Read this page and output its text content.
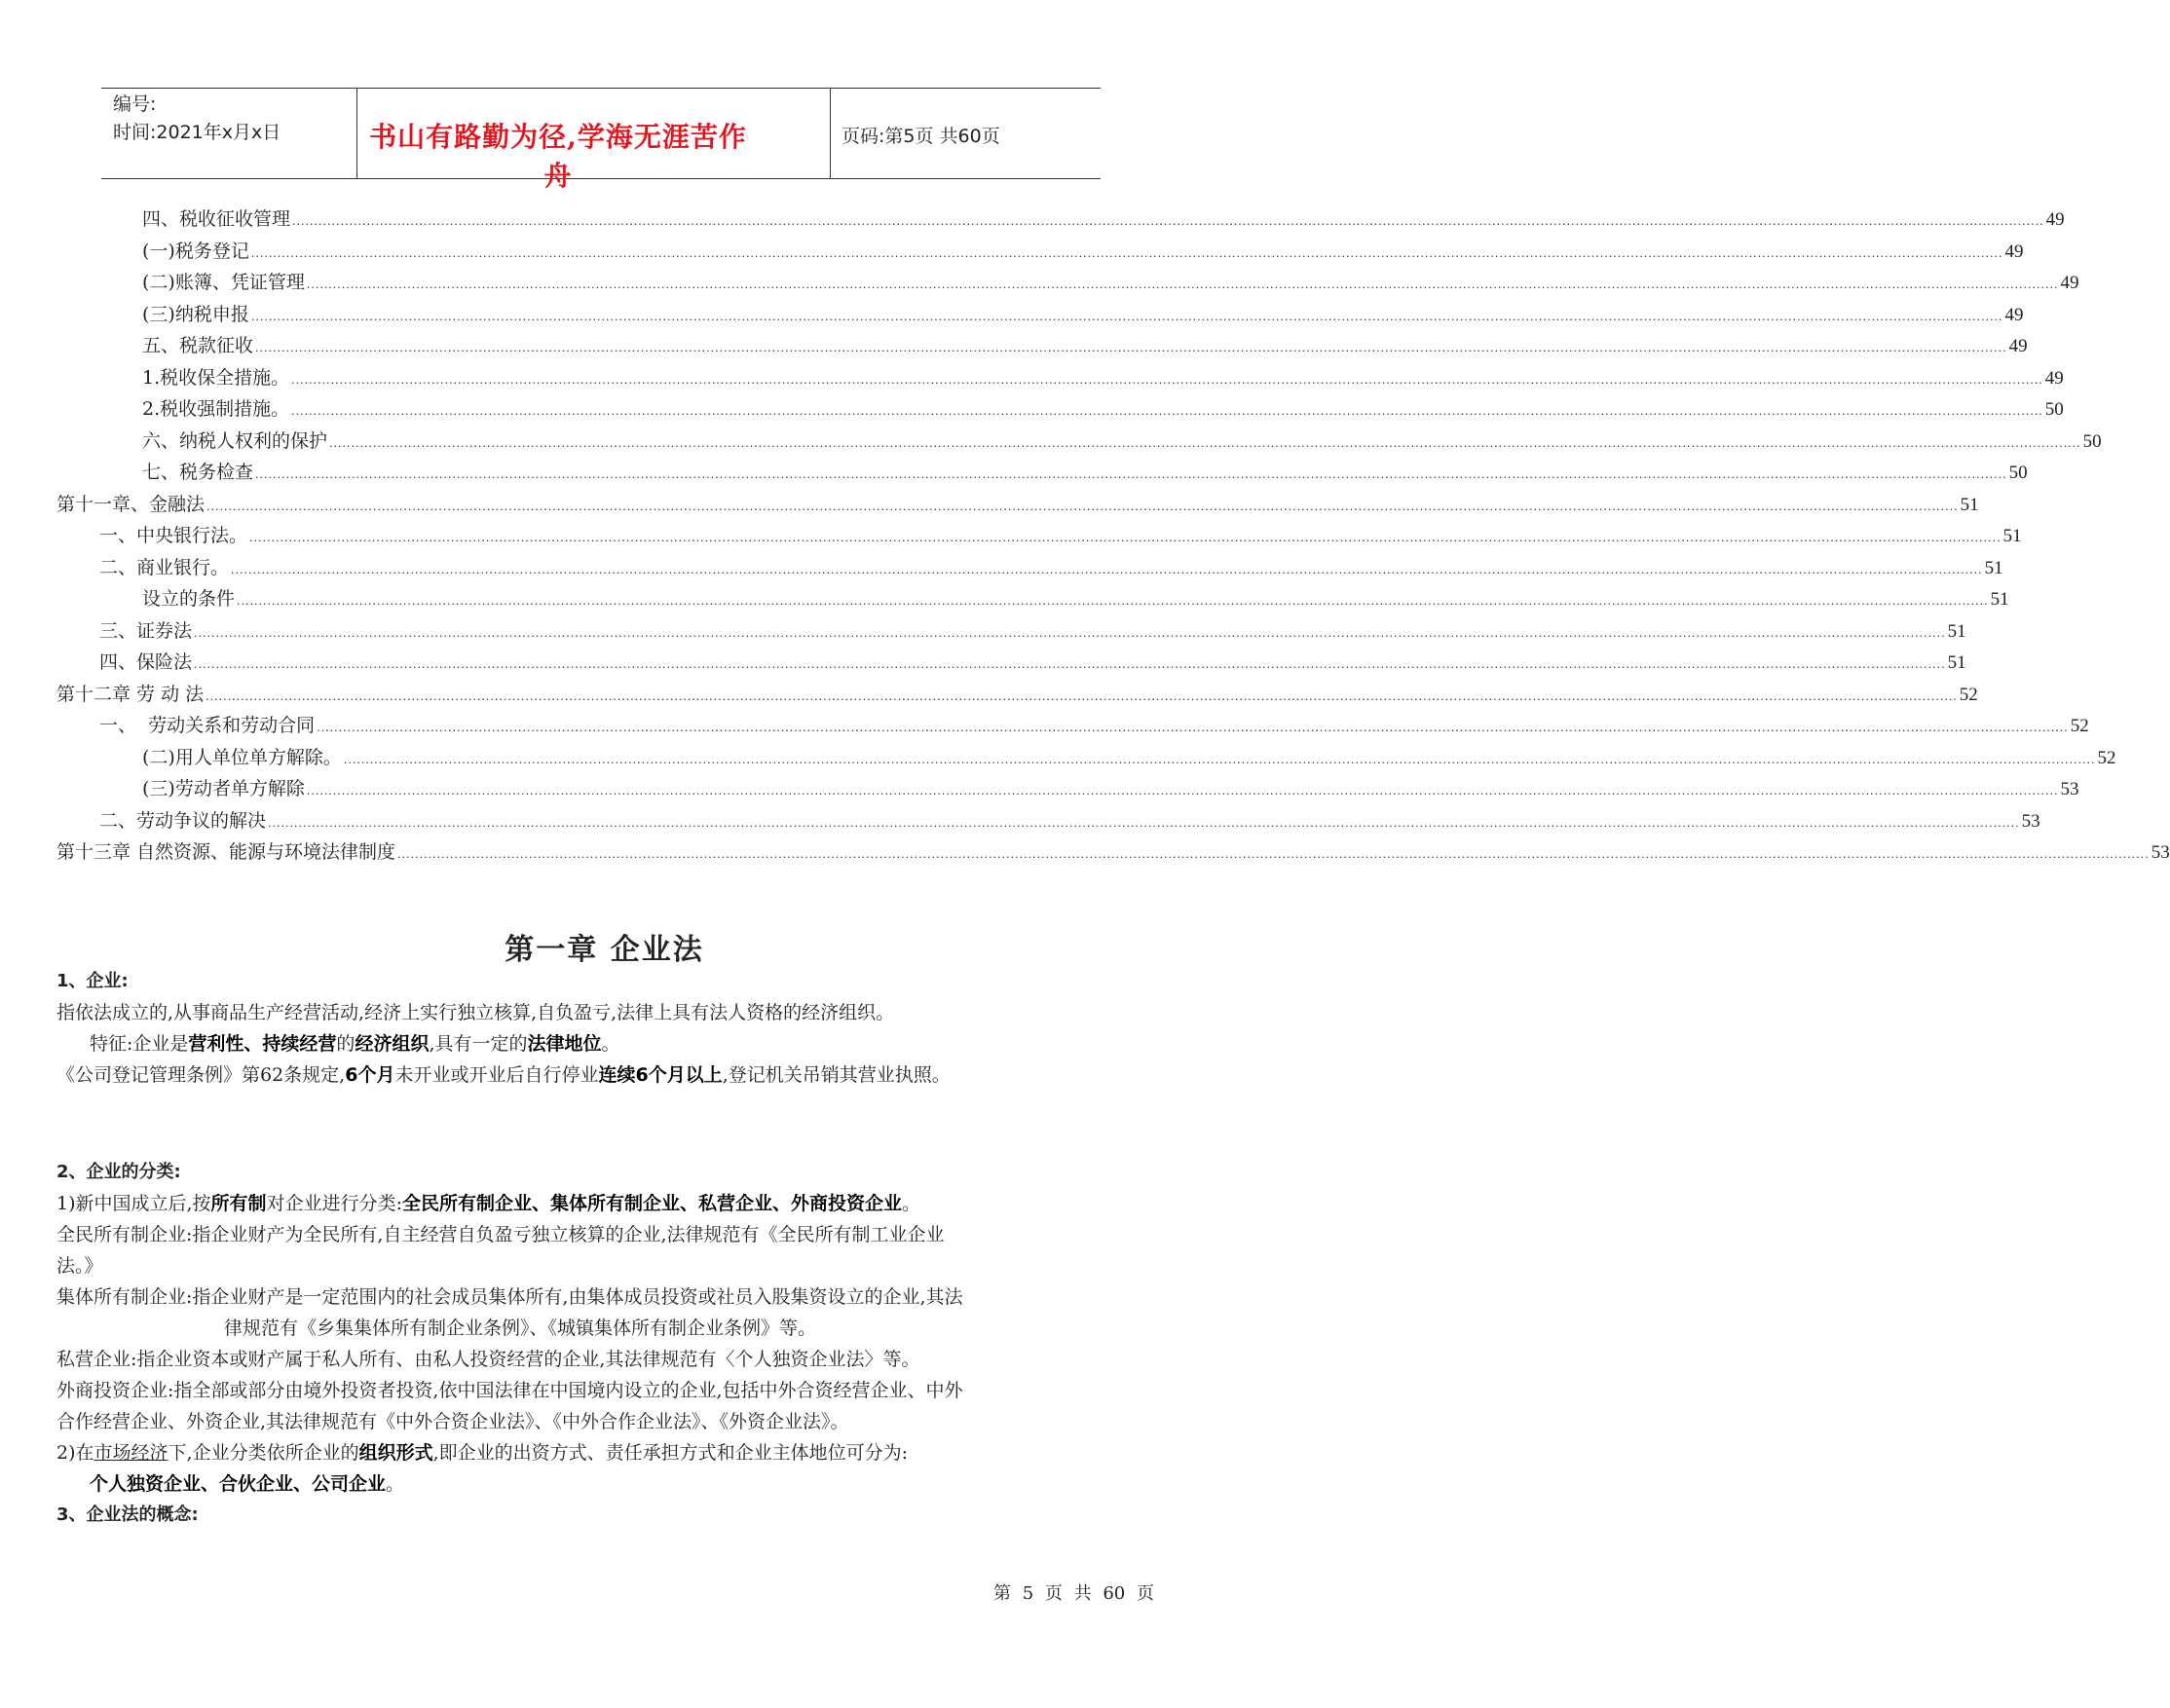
编号:
时间:2021年x月x日	书山有路勤为径,学海无涯苦作舟
页码:第5页 共60页
四、税收征收管理 ................................................................................................................................................................................................................................................................................................................................................................................................................ 49
(一)税务登记 ................................................................................................................................................................................................................................................................................................................................................................................................................ 49
(二)账簿、凭证管理 ................................................................................................................................................................................................................................................................................................................................................................................................................ 49
(三)纳税申报 ................................................................................................................................................................................................................................................................................................................................................................................................................ 49
五、税款征收 ................................................................................................................................................................................................................................................................................................................................................................................................................ 49
1.税收保全措施。 ................................................................................................................................................................................................................................................................................................................................................................................................................ 49
2.税收强制措施。 ................................................................................................................................................................................................................................................................................................................................................................................................................ 50
六、纳税人权利的保护 ................................................................................................................................................................................................................................................................................................................................................................................................................ 50
七、税务检查 ................................................................................................................................................................................................................................................................................................................................................................................................................ 50
第十一章、金融法 ................................................................................................................................................................................................................................................................................................................................................................................................................ 51
一、中央银行法。 ................................................................................................................................................................................................................................................................................................................................................................................................................ 51
二、商业银行。 ................................................................................................................................................................................................................................................................................................................................................................................................................ 51
设立的条件 ................................................................................................................................................................................................................................................................................................................................................................................................................ 51
三、证券法 ................................................................................................................................................................................................................................................................................................................................................................................................................ 51
四、保险法 ................................................................................................................................................................................................................................................................................................................................................................................................................ 51
第十二章 劳 动 法 ................................................................................................................................................................................................................................................................................................................................................................................................................ 52
一、  劳动关系和劳动合同 ................................................................................................................................................................................................................................................................................................................................................................................................................ 52
(二)用人单位单方解除。 ................................................................................................................................................................................................................................................................................................................................................................................................................ 52
(三)劳动者单方解除 ................................................................................................................................................................................................................................................................................................................................................................................................................ 53
二、劳动争议的解决 ................................................................................................................................................................................................................................................................................................................................................................................................................ 53
第十三章 自然资源、能源与环境法律制度 ................................................................................................................................................................................................................................................................................................................................................................................................................ 53
第一章 企业法
1、企业:
指依法成立的,从事商品生产经营活动,经济上实行独立核算,自负盈亏,法律上具有法人资格的经济组织。
特征:企业是营利性、持续经营的经济组织,具有一定的法律地位。
《公司登记管理条例》第62条规定,6个月未开业或开业后自行停业连续6个月以上,登记机关吊销其营业执照。
2、企业的分类:
1)新中国成立后,按所有制对企业进行分类:全民所有制企业、集体所有制企业、私营企业、外商投资企业。
全民所有制企业:指企业财产为全民所有,自主经营自负盈亏独立核算的企业,法律规范有《全民所有制工业企业
法。》
集体所有制企业:指企业财产是一定范围内的社会成员集体所有,由集体成员投资或社员入股集资设立的企业,其法
律规范有《乡集集体所有制企业条例》、《城镇集体所有制企业条例》等。
私营企业:指企业资本或财产属于私人所有、由私人投资经营的企业,其法律规范有〈个人独资企业法〉等。
外商投资企业:指全部或部分由境外投资者投资,依中国法律在中国境内设立的企业,包括中外合资经营企业、中外
合作经营企业、外资企业,其法律规范有《中外合资企业法》、《中外合作企业法》、《外资企业法》。
2)在市场经济下,企业分类依所企业的组织形式,即企业的出资方式、责任承担方式和企业主体地位可分为:
个人独资企业、合伙企业、公司企业。
3、企业法的概念:
第 5 页 共 60 页
